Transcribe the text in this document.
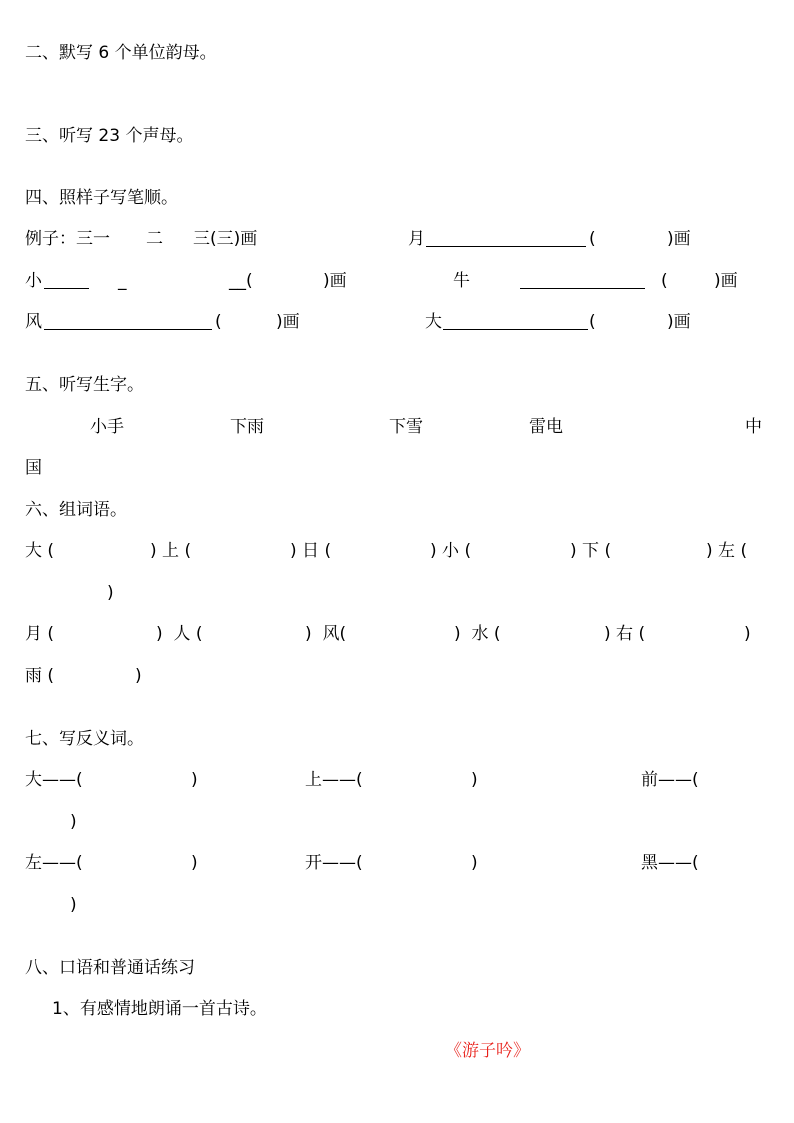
二、默写 6 个单位韵母。
三、听写 23 个声母。
四、照样子写笔顺。
例子：三一 二 三(三)画	月	(	)画
小	_	__(	)画	牛	(	)画
风	(	)画	大	(	)画
五、听写生字。
小手	下雨	下雪	雷电	中
国
六、组词语。
大 (	) 上 (	) 日 (	) 小 (	) 下 (	) 左 (
)
月 (	)  人 (	)  风(	)  水 (	) 右 (	)
雨 (	)
七、写反义词。
大——(	)	上——(	)	前——(
)
左——(	)	开——(	)	黑——(
)
八、口语和普通话练习
1、有感情地朗诵一首古诗。
《游子吟》
